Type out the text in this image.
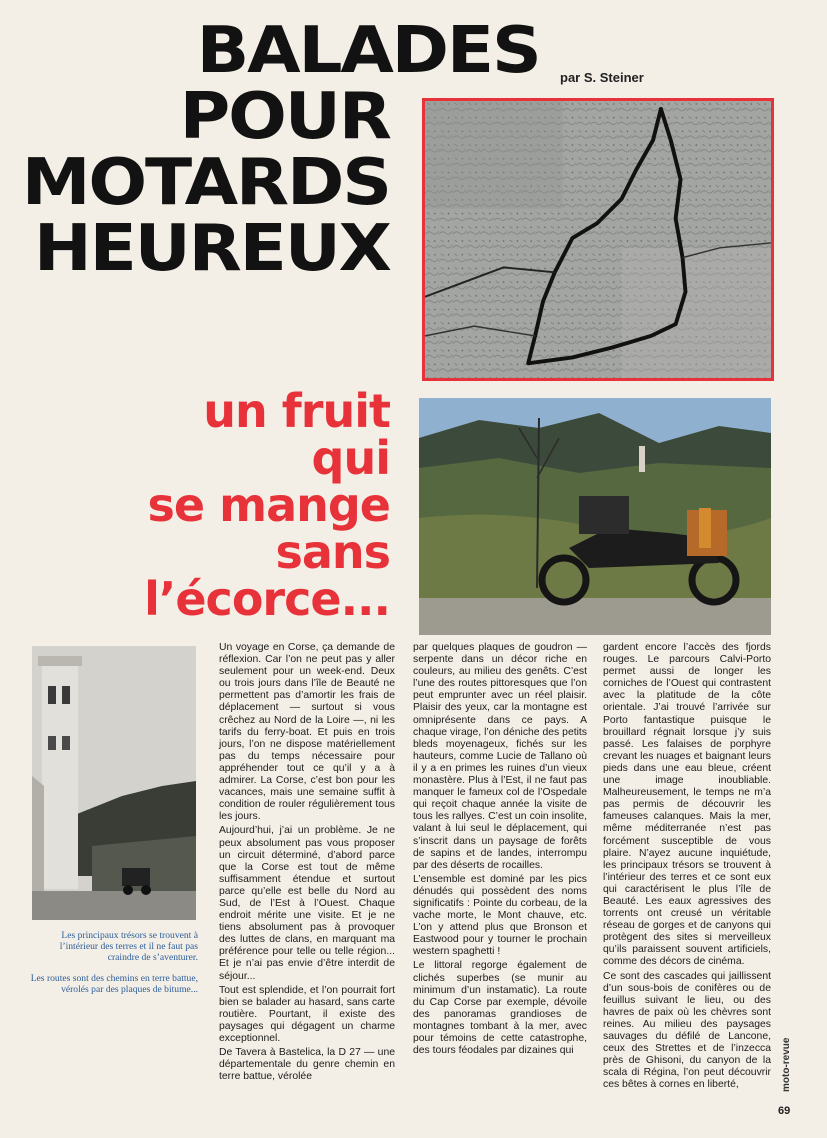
BALADES
POUR
MOTARDS
HEUREUX
par S. Steiner
un fruit
qui
se mange
sans
l’écorce...

Les principaux trésors se trouvent à l’intérieur des terres et il ne faut pas craindre de s’aventurer.

Les routes sont des chemins en terre battue, vérolés par des plaques de bitume...

Un voyage en Corse, ça demande de réflexion. Car l’on ne peut pas y aller seulement pour un week-end. Deux ou trois jours dans l’île de Beauté ne permettent pas d’amortir les frais de déplacement — surtout si vous crêchez au Nord de la Loire —, ni les tarifs du ferry-boat. Et puis en trois jours, l’on ne dispose matériellement pas du temps nécessaire pour appréhender tout ce qu’il y a à admirer. La Corse, c’est bon pour les vacances, mais une semaine suffit à condition de rouler régulièrement tous les jours.

Aujourd’hui, j’ai un problème. Je ne peux absolument pas vous proposer un circuit déterminé, d’abord parce que la Corse est tout de même suffisamment étendue et surtout parce qu’elle est belle du Nord au Sud, de l’Est à l’Ouest. Chaque endroit mérite une visite. Et je ne tiens absolument pas à provoquer des luttes de clans, en marquant ma préférence pour telle ou telle région... Et je n’ai pas envie d’être interdit de séjour...

Tout est splendide, et l’on pourrait fort bien se balader au hasard, sans carte routière. Pourtant, il existe des paysages qui dégagent un charme exceptionnel.

De Tavera à Bastelica, la D 27 — une départementale du genre chemin en terre battue, vérolée

par quelques plaques de goudron — serpente dans un décor riche en couleurs, au milieu des genêts. C’est l’une des routes pittoresques que l’on peut emprunter avec un réel plaisir. Plaisir des yeux, car la montagne est omniprésente dans ce pays. A chaque virage, l’on déniche des petits bleds moyenageux, fichés sur les hauteurs, comme Lucie de Tallano où il y a en primes les ruines d’un vieux monastère. Plus à l’Est, il ne faut pas manquer le fameux col de l’Ospedale qui reçoit chaque année la visite de tous les rallyes. C’est un coin insolite, valant à lui seul le déplacement, qui s’inscrit dans un paysage de forêts de sapins et de landes, interrompu par des déserts de rocailles.

L’ensemble est dominé par les pics dénudés qui possèdent des noms significatifs : Pointe du corbeau, de la vache morte, le Mont chauve, etc. L’on y attend plus que Bronson et Eastwood pour y tourner le prochain western spaghetti !

Le littoral regorge également de clichés superbes (se munir au minimum d’un instamatic). La route du Cap Corse par exemple, dévoile des panoramas grandioses de montagnes tombant à la mer, avec pour témoins de cette catastrophe, des tours féodales par dizaines qui

gardent encore l’accès des fjords rouges. Le parcours Calvi-Porto permet aussi de longer les corniches de l’Ouest qui contrastent avec la platitude de la côte orientale. J’ai trouvé l’arrivée sur Porto fantastique puisque le brouillard régnait lorsque j’y suis passé. Les falaises de porphyre crevant les nuages et baignant leurs pieds dans une eau bleue, créent une image inoubliable. Malheureusement, le temps ne m’a pas permis de découvrir les fameuses calanques. Mais la mer, même méditerranée n’est pas forcément susceptible de vous plaire. N’ayez aucune inquiétude, les principaux trésors se trouvent à l’intérieur des terres et ce sont eux qui caractérisent le plus l’île de Beauté. Les eaux agressives des torrents ont creusé un véritable réseau de gorges et de canyons qui protègent des sites si merveilleux qu’ils paraissent souvent artificiels, comme des décors de cinéma.

Ce sont des cascades qui jaillissent d’un sous-bois de conifères ou de feuillus suivant le lieu, ou des havres de paix où les chèvres sont reines. Au milieu des paysages sauvages du défilé de Lancone, ceux des Strettes et de l’inzecca près de Ghisoni, du canyon de la scala di Régina, l’on peut découvrir ces bêtes à cornes en liberté,	moto-revue
69
